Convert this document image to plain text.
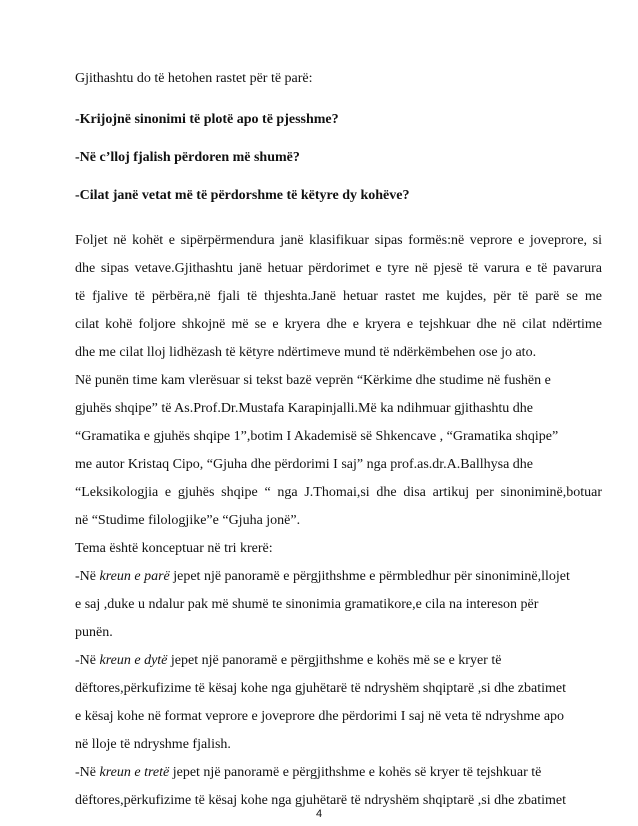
Gjithashtu do të hetohen rastet për të parë:
-Krijojnë sinonimi të plotë apo të pjesshme?
-Në c’lloj fjalish përdoren më shumë?
-Cilat janë vetat më të përdorshme të këtyre dy kohëve?
Foljet në kohët e sipërpërmendura janë klasifikuar sipas formës:në veprore e joveprore, si
dhe sipas vetave.Gjithashtu janë hetuar përdorimet e tyre në pjesë të varura e të pavarura
të fjalive të përbëra,në fjali të thjeshta.Janë hetuar rastet me kujdes, për të parë se me
cilat kohë foljore shkojnë më se e kryera dhe e kryera e tejshkuar dhe në cilat ndërtime
dhe me cilat lloj lidhëzash të këtyre ndërtimeve mund të ndërkëmbehen ose jo ato.
Në punën time kam vlerësuar si tekst bazë veprën “Kërkime dhe studime në fushën e
gjuhës shqipe” të As.Prof.Dr.Mustafa Karapinjalli.Më ka ndihmuar gjithashtu dhe
“Gramatika e gjuhës shqipe 1”,botim I Akademisë së Shkencave , “Gramatika shqipe”
me autor Kristaq Cipo, “Gjuha dhe përdorimi I saj” nga prof.as.dr.A.Ballhysa dhe
“Leksikologjia e gjuhës shqipe “ nga J.Thomai,si dhe disa artikuj per sinoniminë,botuar
në “Studime filologjike”e “Gjuha jonë”.
Tema është konceptuar në tri krerë:
-Në kreun e parë jepet një panoramë e përgjithshme e përmbledhur për sinoniminë,llojet
e saj ,duke u ndalur pak më shumë te sinonimia gramatikore,e cila na intereson për
punën.
-Në kreun e dytë jepet një panoramë e përgjithshme e kohës më se e kryer të
dëftores,përkufizime të kësaj kohe nga gjuhëtarë të ndryshëm shqiptarë ,si dhe zbatimet
e kësaj kohe në format veprore e joveprore dhe përdorimi I saj në veta të ndryshme apo
në lloje të ndryshme fjalish.
-Në kreun e tretë jepet një panoramë e përgjithshme e kohës së kryer të tejshkuar të
dëftores,përkufizime të kësaj kohe nga gjuhëtarë të ndryshëm shqiptarë ,si dhe zbatimet
4
